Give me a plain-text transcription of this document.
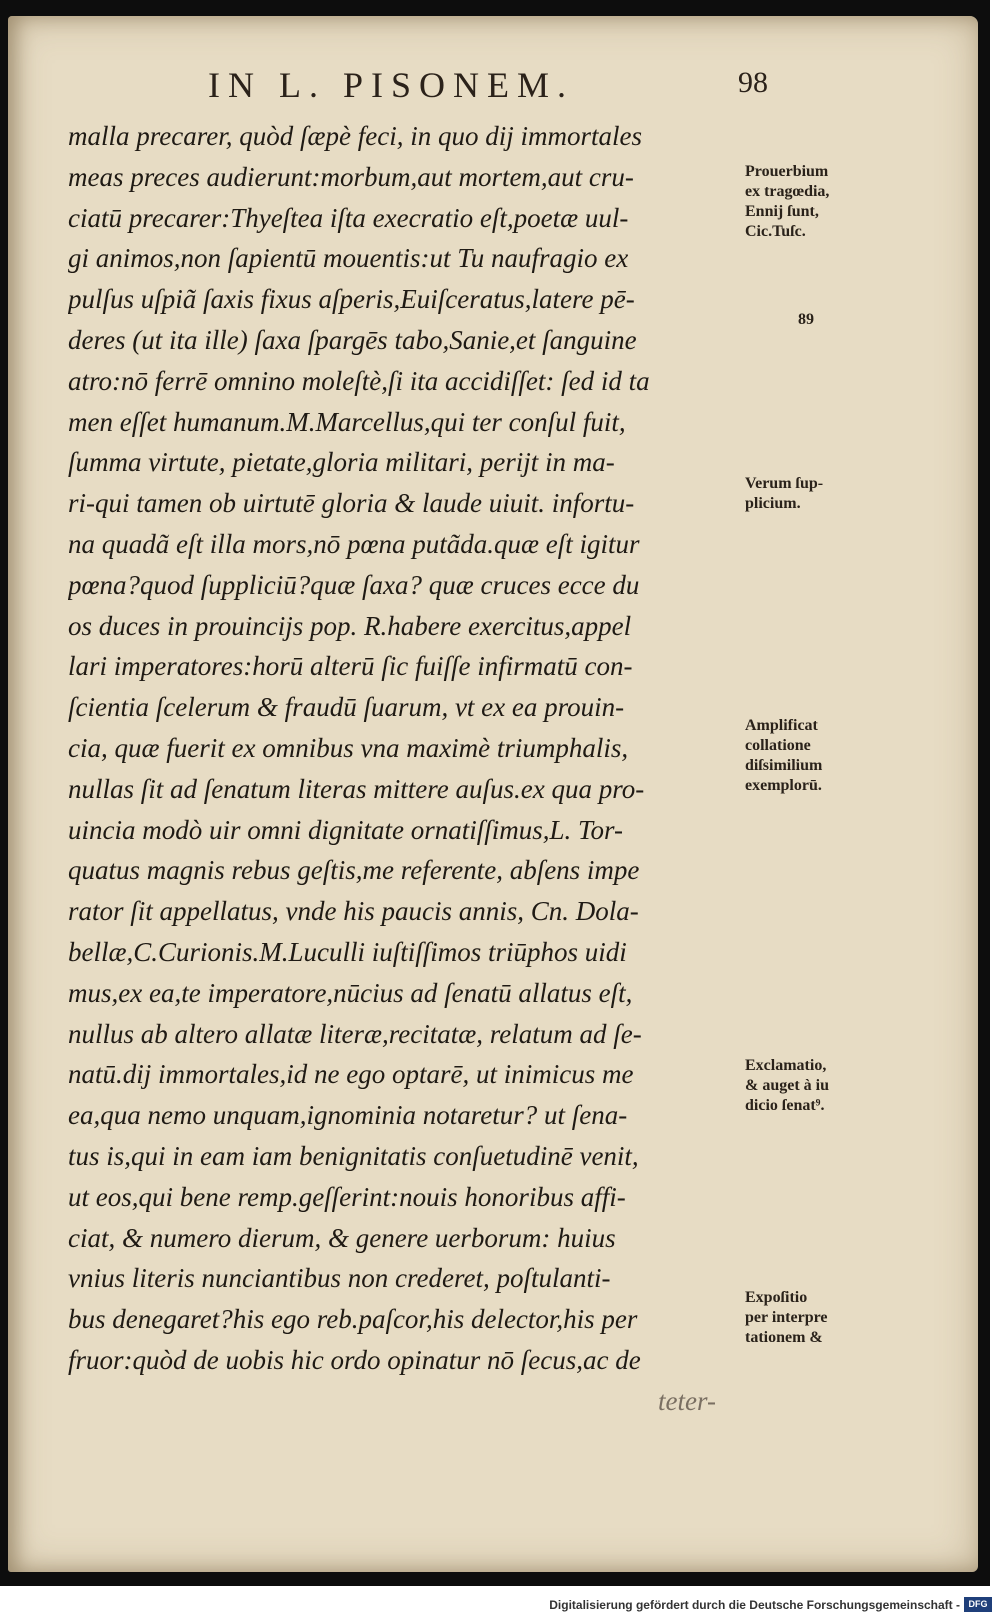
IN L. PISONEM.	98
malla precarer, quòd ſæpè feci, in quo dij immortales
meas preces audierunt:morbum,aut mortem,aut cru-
ciatū precarer:Thyeſtea iſta execratio eſt,poetæ uul-
gi animos,non ſapientū mouentis:ut Tu naufragio ex
pulſus uſpiã ſaxis fixus aſperis,Euiſceratus,latere pē-
deres (ut ita ille) ſaxa ſpargēs tabo,Sanie,et ſanguine
atro:nō ferrē omnino moleſtè,ſi ita accidiſſet: ſed id ta
men eſſet humanum.M.Marcellus,qui ter conſul fuit,
ſumma virtute, pietate,gloria militari, perijt in ma-
ri-qui tamen ob uirtutē gloria & laude uiuit. infortu-
na quadã eſt illa mors,nō pœna putãda.quæ eſt igitur
pœna?quod ſuppliciū?quæ ſaxa? quæ cruces ecce du
os duces in prouincijs pop. R.habere exercitus,appel
lari imperatores:horū alterū ſic fuiſſe infirmatū con-
ſcientia ſcelerum & fraudū ſuarum, vt ex ea prouin-
cia, quæ fuerit ex omnibus vna maximè triumphalis,
nullas ſit ad ſenatum literas mittere auſus.ex qua pro-
uincia modò uir omni dignitate ornatiſſimus,L. Tor-
quatus magnis rebus geſtis,me referente, abſens impe
rator ſit appellatus, vnde his paucis annis, Cn. Dola-
bellæ,C.Curionis.M.Luculli iuſtiſſimos triūphos uidi
mus,ex ea,te imperatore,nūcius ad ſenatū allatus eſt,
nullus ab altero allatæ literæ,recitatæ, relatum ad ſe-
natū.dij immortales,id ne ego optarē, ut inimicus me
ea,qua nemo unquam,ignominia notaretur? ut ſena-
tus is,qui in eam iam benignitatis conſuetudinē venit,
ut eos,qui bene remp.geſſerint:nouis honoribus affi-
ciat, & numero dierum, & genere uerborum: huius
vnius literis nunciantibus non crederet, poſtulanti-
bus denegaret?his ego reb.paſcor,his delector,his per
fruor:quòd de uobis hic ordo opinatur nō ſecus,ac de
teter-
Prouerbium
ex tragœdia,
Ennij ſunt,
Cic.Tuſc.
89
Verum ſup-
plicium.
Amplificat
collatione
diſsimilium
exemplorū.
Exclamatio,
& auget à iu
dicio ſenat⁹.
Expoſitio
per interpre
tationem &
Digitalisierung gefördert durch die Deutsche Forschungsgemeinschaft - DFG
